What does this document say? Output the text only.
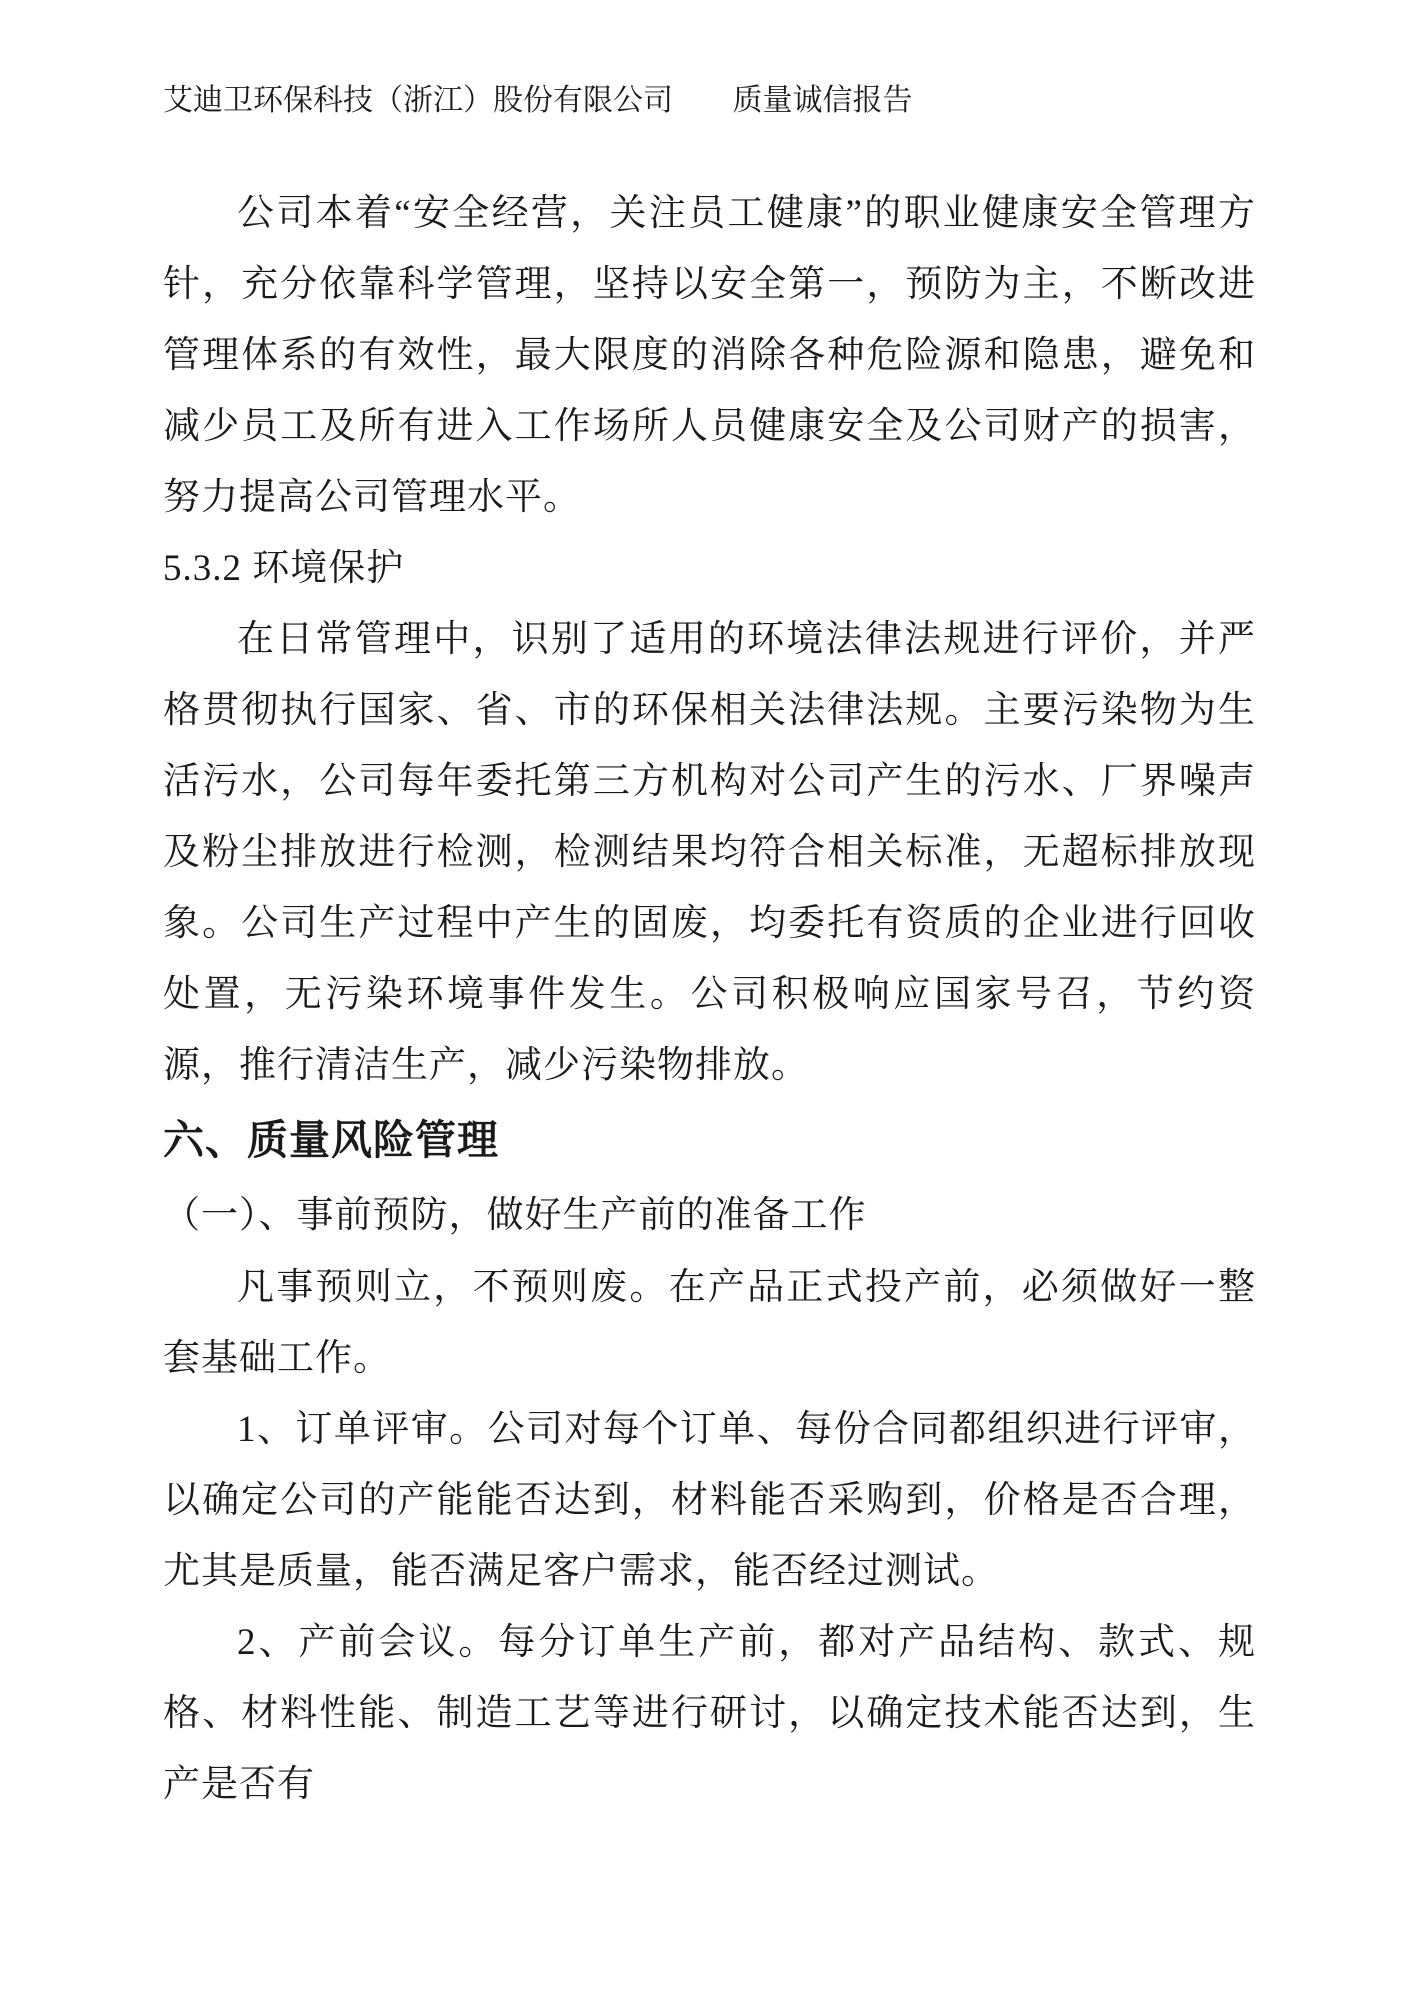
艾迪卫环保科技（浙江）股份有限公司 质量诚信报告
公司本着“安全经营，关注员工健康”的职业健康安全管理方针，充分依靠科学管理，坚持以安全第一，预防为主，不断改进管理体系的有效性，最大限度的消除各种危险源和隐患，避免和减少员工及所有进入工作场所人员健康安全及公司财产的损害，努力提高公司管理水平。
5.3.2 环境保护
在日常管理中，识别了适用的环境法律法规进行评价，并严格贯彻执行国家、省、市的环保相关法律法规。主要污染物为生活污水，公司每年委托第三方机构对公司产生的污水、厂界噪声及粉尘排放进行检测，检测结果均符合相关标准，无超标排放现象。公司生产过程中产生的固废，均委托有资质的企业进行回收处置，无污染环境事件发生。公司积极响应国家号召，节约资源，推行清洁生产，减少污染物排放。
六、质量风险管理
（一）、事前预防，做好生产前的准备工作
凡事预则立，不预则废。在产品正式投产前，必须做好一整套基础工作。
1、订单评审。公司对每个订单、每份合同都组织进行评审，以确定公司的产能能否达到，材料能否采购到，价格是否合理，尤其是质量，能否满足客户需求，能否经过测试。
2、产前会议。每分订单生产前，都对产品结构、款式、规格、材料性能、制造工艺等进行研讨，以确定技术能否达到，生产是否有
